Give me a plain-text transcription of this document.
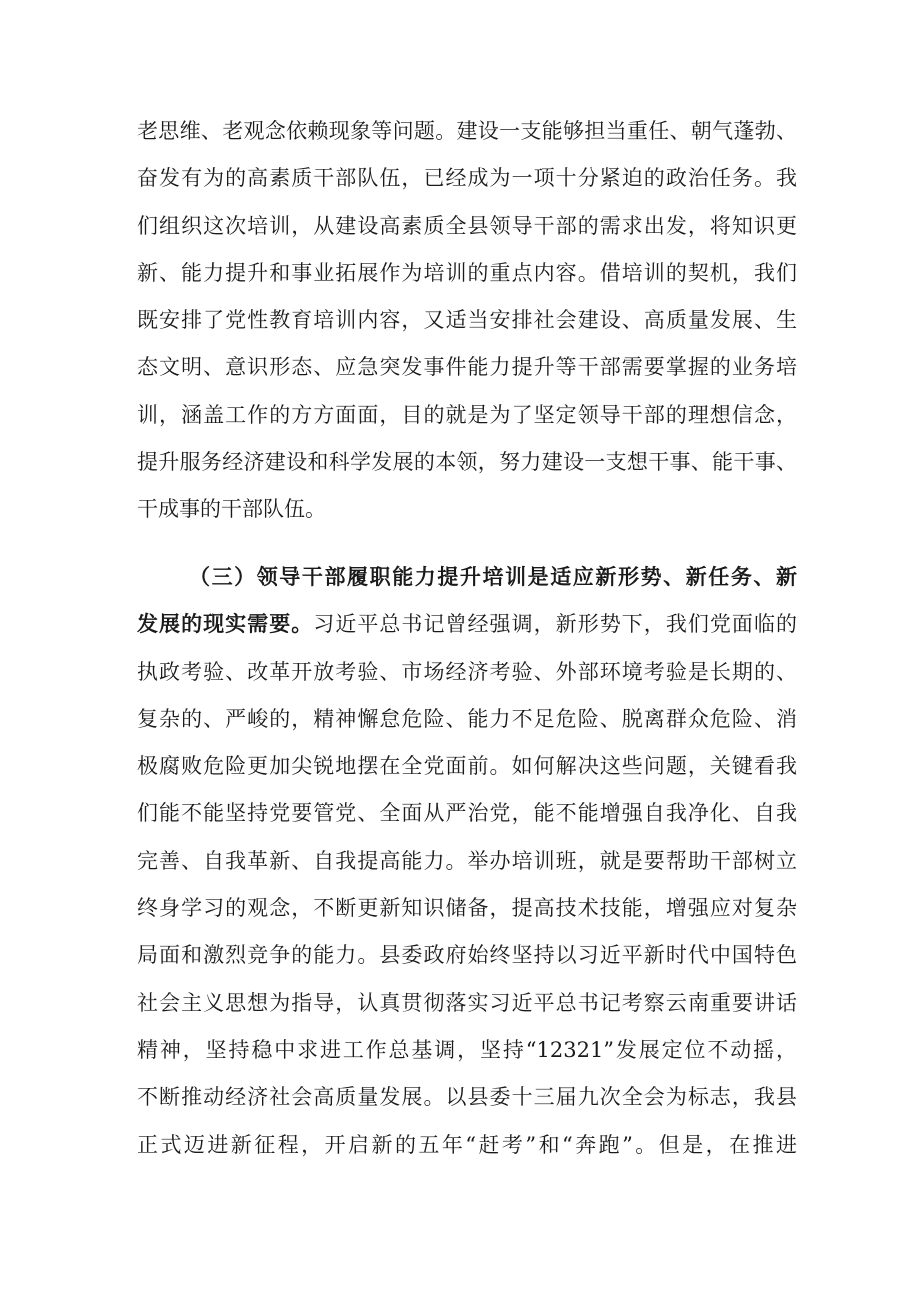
老思维、老观念依赖现象等问题。建设一支能够担当重任、朝气蓬勃、
奋发有为的高素质干部队伍，已经成为一项十分紧迫的政治任务。我
们组织这次培训，从建设高素质全县领导干部的需求出发，将知识更
新、能力提升和事业拓展作为培训的重点内容。借培训的契机，我们
既安排了党性教育培训内容，又适当安排社会建设、高质量发展、生
态文明、意识形态、应急突发事件能力提升等干部需要掌握的业务培
训，涵盖工作的方方面面，目的就是为了坚定领导干部的理想信念，
提升服务经济建设和科学发展的本领，努力建设一支想干事、能干事、
干成事的干部队伍。
（三）领导干部履职能力提升培训是适应新形势、新任务、新
发展的现实需要。习近平总书记曾经强调，新形势下，我们党面临的
执政考验、改革开放考验、市场经济考验、外部环境考验是长期的、
复杂的、严峻的，精神懈怠危险、能力不足危险、脱离群众危险、消
极腐败危险更加尖锐地摆在全党面前。如何解决这些问题，关键看我
们能不能坚持党要管党、全面从严治党，能不能增强自我净化、自我
完善、自我革新、自我提高能力。举办培训班，就是要帮助干部树立
终身学习的观念，不断更新知识储备，提高技术技能，增强应对复杂
局面和激烈竞争的能力。县委政府始终坚持以习近平新时代中国特色
社会主义思想为指导，认真贯彻落实习近平总书记考察云南重要讲话
精神，坚持稳中求进工作总基调，坚持“12321”发展定位不动摇，
不断推动经济社会高质量发展。以县委十三届九次全会为标志，我县
正式迈进新征程，开启新的五年“赶考”和“奔跑”。但是，在推进
